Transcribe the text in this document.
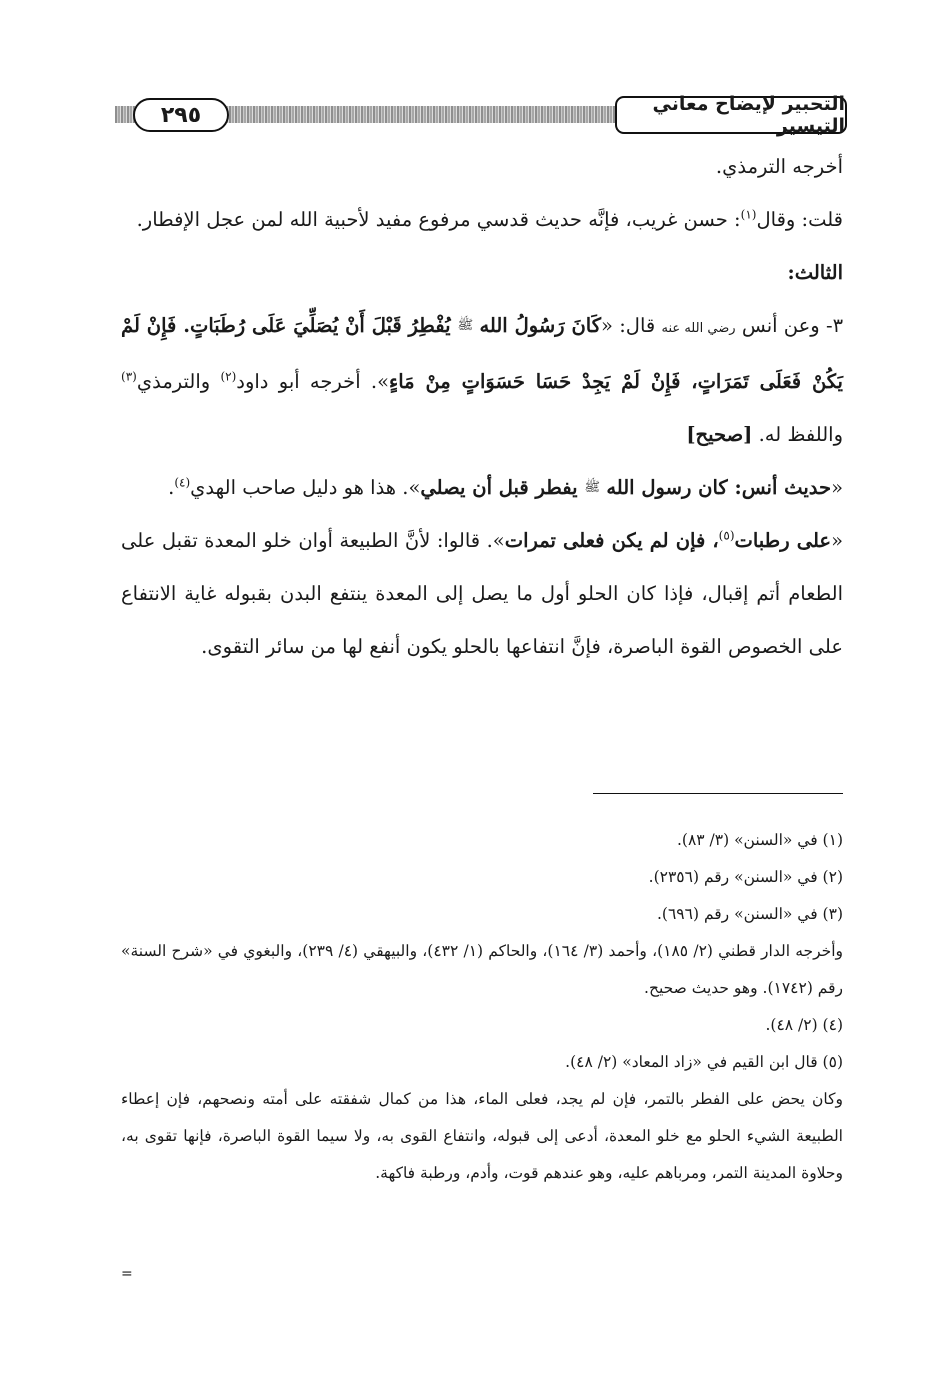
٢٩٥	التحبير لإيضاح معاني التيسير

أخرجه الترمذي.

قلت: وقال$^{(١)}$: حسن غريب، فإنَّه حديث قدسي مرفوع مفيد لأحبية الله لمن عجل الإفطار.

الثالث:

٣- وعن أنس رضي الله عنه قال: «كَانَ رَسُولُ الله ﷺ يُفْطِرُ قَبْلَ أَنْ يُصَلِّيَ عَلَى رُطَبَاتٍ. فَإِنْ لَمْ يَكُنْ فَعَلَى تَمَرَاتٍ، فَإِنْ لَمْ يَجِدْ حَسَا حَسَوَاتٍ مِنْ مَاءٍ». أخرجه أبو داود$^{(٢)}$ والترمذي$^{(٣)}$ واللفظ له. [صحيح]

«حديث أنس: كان رسول الله ﷺ يفطر قبل أن يصلي». هذا هو دليل صاحب الهدي$^{(٤)}$.

«على رطبات$^{(٥)}$، فإن لم يكن فعلى تمرات». قالوا: لأنَّ الطبيعة أوان خلو المعدة تقبل على الطعام أتم إقبال، فإذا كان الحلو أول ما يصل إلى المعدة ينتفع البدن بقبوله غاية الانتفاع على الخصوص القوة الباصرة، فإنَّ انتفاعها بالحلو يكون أنفع لها من سائر التقوى.

(١) في «السنن» (٣/ ٨٣).

(٢) في «السنن» رقم (٢٣٥٦).

(٣) في «السنن» رقم (٦٩٦).

وأخرجه الدار قطني (٢/ ١٨٥)، وأحمد (٣/ ١٦٤)، والحاكم (١/ ٤٣٢)، والبيهقي (٤/ ٢٣٩)، والبغوي في «شرح السنة» رقم (١٧٤٢). وهو حديث صحيح.

(٤) (٢/ ٤٨).

(٥) قال ابن القيم في «زاد المعاد» (٢/ ٤٨).

وكان يحض على الفطر بالتمر، فإن لم يجد، فعلى الماء، هذا من كمال شفقته على أمته ونصحهم، فإن إعطاء الطبيعة الشيء الحلو مع خلو المعدة، أدعى إلى قبوله، وانتفاع القوى به، ولا سيما القوة الباصرة، فإنها تقوى به، وحلاوة المدينة التمر، ومرباهم عليه، وهو عندهم قوت، وأدم، ورطبة فاكهة.

=
